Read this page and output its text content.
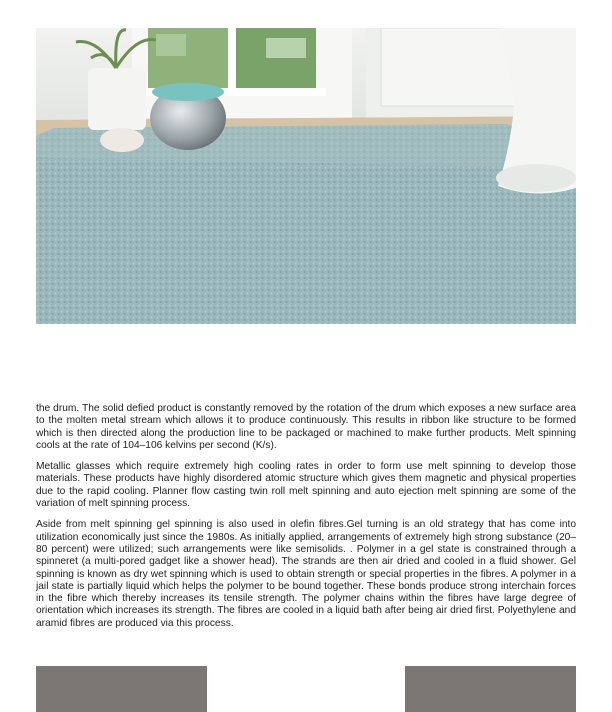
the drum. The solid defied product is constantly removed by the rotation of the drum which exposes a new surface area to the molten metal stream which allows it to produce continuously. This results in ribbon like structure to be formed which is then directed along the production line to be packaged or machined to make further products. Melt spinning cools at the rate of 104–106 kelvins per second (K/s).

Metallic glasses which require extremely high cooling rates in order to form use melt spinning to develop those materials. These products have highly disordered atomic structure which gives them magnetic and physical properties due to the rapid cooling. Planner flow casting twin roll melt spinning and auto ejection melt spinning are some of the variation of melt spinning process.

Aside from melt spinning gel spinning is also used in olefin fibres.Gel turning is an old strategy that has come into utilization economically just since the 1980s. As initially applied, arrangements of extremely high strong substance (20–80 percent) were utilized; such arrangements were like semisolids. . Polymer in a gel state is constrained through a spinneret (a multi-pored gadget like a shower head). The strands are then air dried and cooled in a fluid shower. Gel spinning is known as dry wet spinning which is used to obtain strength or special properties in the fibres. A polymer in a jail state is partially liquid which helps the polymer to be bound together. These bonds produce strong interchain forces in the fibre which thereby increases its tensile strength. The polymer chains within the fibres have large degree of orientation which increases its strength. The fibres are cooled in a liquid bath after being air dried first. Polyethylene and aramid fibres are produced via this process.
